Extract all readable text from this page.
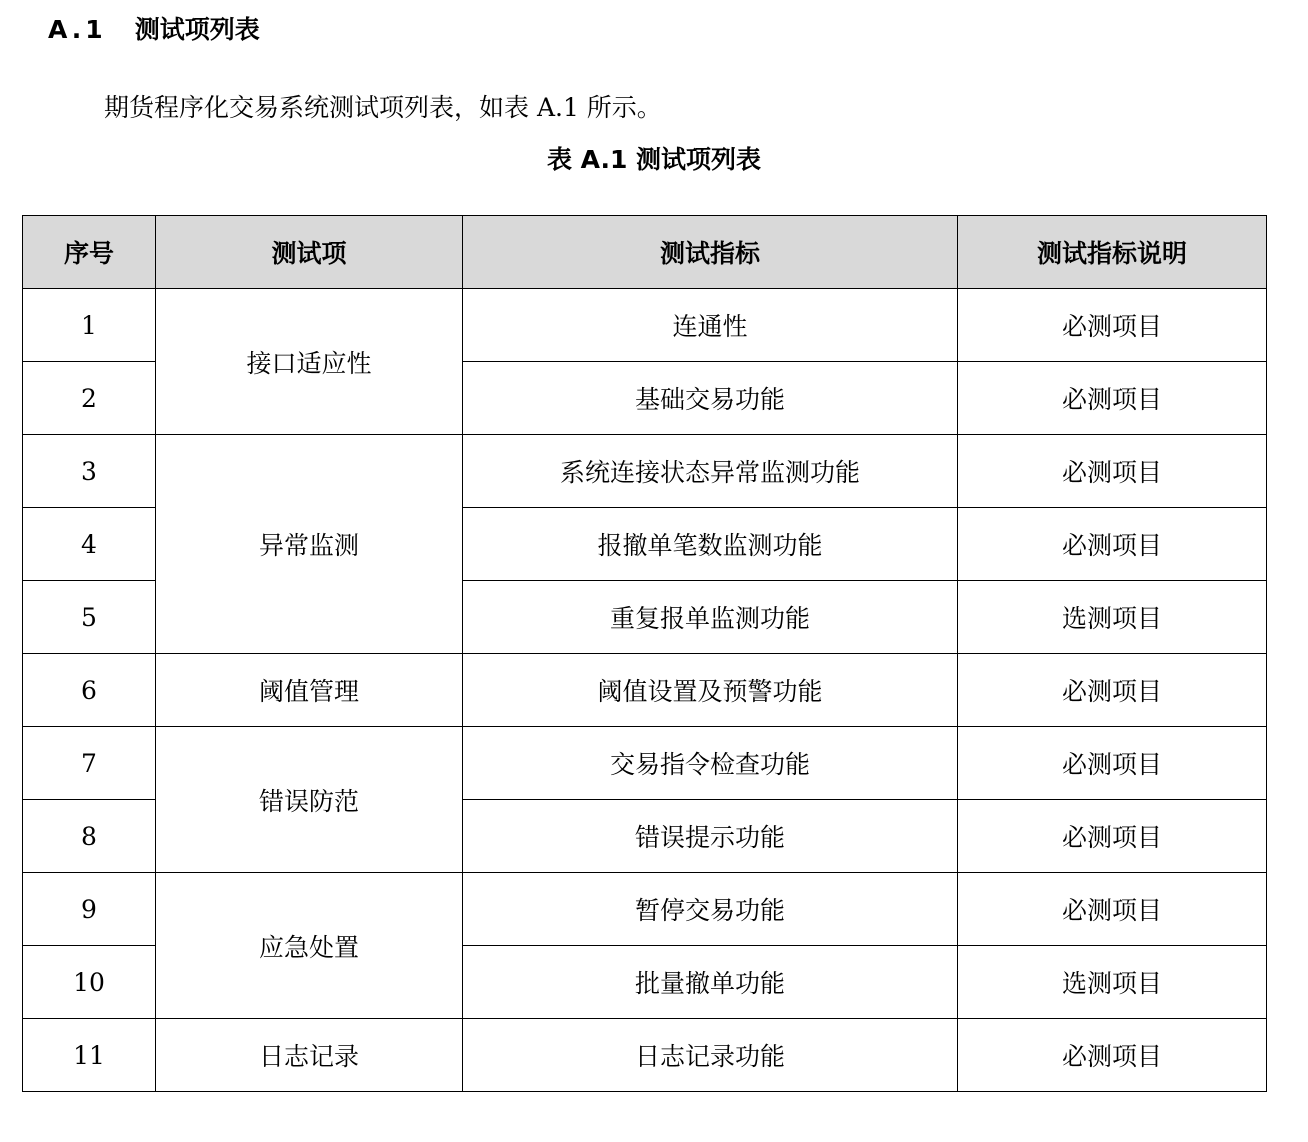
A.1 测试项列表
期货程序化交易系统测试项列表，如表 A.1 所示。
表 A.1 测试项列表
序号	测试项	测试指标	测试指标说明
1	接口适应性	连通性	必测项目
2		基础交易功能	必测项目
3	异常监测	系统连接状态异常监测功能	必测项目
4		报撤单笔数监测功能	必测项目
5		重复报单监测功能	选测项目
6	阈值管理	阈值设置及预警功能	必测项目
7	错误防范	交易指令检查功能	必测项目
8		错误提示功能	必测项目
9	应急处置	暂停交易功能	必测项目
10		批量撤单功能	选测项目
11	日志记录	日志记录功能	必测项目
